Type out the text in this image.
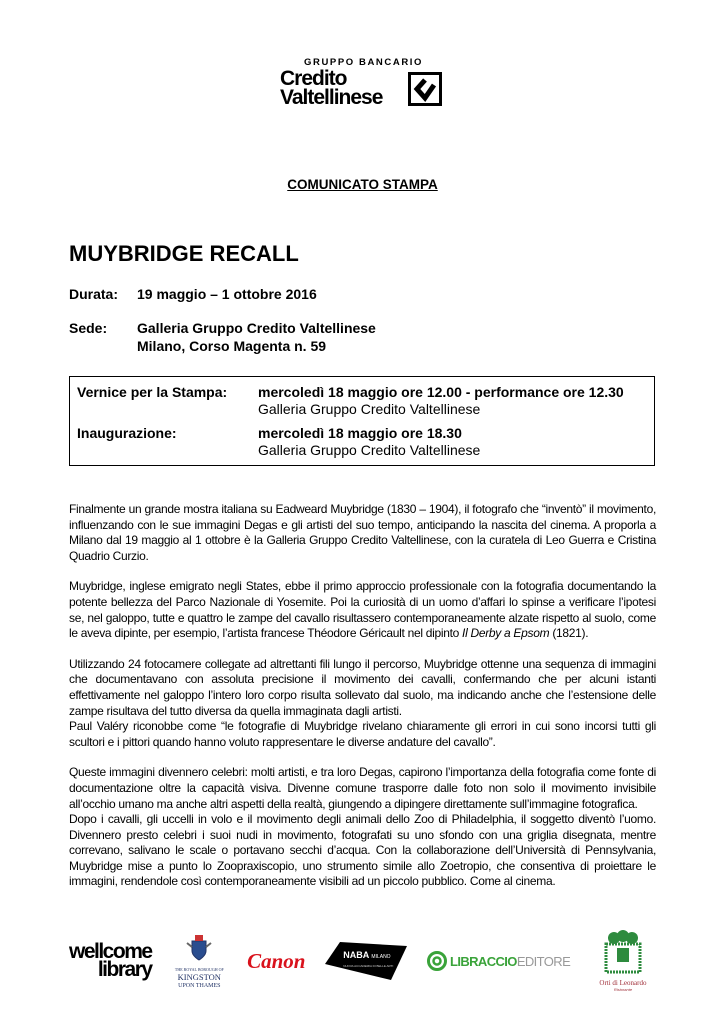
GRUPPO BANCARIO
Credito
Valtellinese
COMUNICATO STAMPA
MUYBRIDGE RECALL
Durata: 19 maggio – 1 ottobre 2016
Sede: Galleria Gruppo Credito Valtellinese
Milano, Corso Magenta n. 59
Vernice per la Stampa:	mercoledì 18 maggio ore 12.00 - performance ore 12.30
Galleria Gruppo Credito Valtellinese
Inaugurazione:	mercoledì 18 maggio ore 18.30
Galleria Gruppo Credito Valtellinese
Finalmente un grande mostra italiana su Eadweard Muybridge (1830 – 1904), il fotografo che “inventò” il movimento, influenzando con le sue immagini Degas e gli artisti del suo tempo, anticipando la nascita del cinema. A proporla a Milano dal 19 maggio al 1 ottobre è la Galleria Gruppo Credito Valtellinese, con la curatela di Leo Guerra e Cristina Quadrio Curzio.
Muybridge, inglese emigrato negli States, ebbe il primo approccio professionale con la fotografia documentando la potente bellezza del Parco Nazionale di Yosemite. Poi la curiosità di un uomo d’affari lo spinse a verificare l’ipotesi se, nel galoppo, tutte e quattro le zampe del cavallo risultassero contemporaneamente alzate rispetto al suolo, come le aveva dipinte, per esempio, l’artista francese Théodore Géricault nel dipinto Il Derby a Epsom (1821).
Utilizzando 24 fotocamere collegate ad altrettanti fili lungo il percorso, Muybridge ottenne una sequenza di immagini che documentavano con assoluta precisione il movimento dei cavalli, confermando che per alcuni istanti effettivamente nel galoppo l’intero loro corpo risulta sollevato dal suolo, ma indicando anche che l’estensione delle zampe risultava del tutto diversa da quella immaginata dagli artisti.
Paul Valéry riconobbe come “le fotografie di Muybridge rivelano chiaramente gli errori in cui sono incorsi tutti gli scultori e i pittori quando hanno voluto rappresentare le diverse andature del cavallo”.
Queste immagini divennero celebri: molti artisti, e tra loro Degas, capirono l’importanza della fotografia come fonte di documentazione oltre la capacità visiva. Divenne comune trasporre dalle foto non solo il movimento invisibile all’occhio umano ma anche altri aspetti della realtà, giungendo a dipingere direttamente sull’immagine fotografica.
Dopo i cavalli, gli uccelli in volo e il movimento degli animali dello Zoo di Philadelphia, il soggetto diventò l’uomo. Divennero presto celebri i suoi nudi in movimento, fotografati su uno sfondo con una griglia disegnata, mentre correvano, salivano le scale o portavano secchi d’acqua. Con la collaborazione dell’Università di Pennsylvania, Muybridge mise a punto lo Zoopraxiscopio, uno strumento simile allo Zoetropio, che consentiva di proiettare le immagini, rendendole così contemporaneamente visibili ad un piccolo pubblico. Come al cinema.
wellcome
library	THE ROYAL BOROUGH OF
KINGSTON
UPON THAMES
Canon	NABA MILANO
NUOVA ACCADEMIA DI BELLE ARTI	LIBRACCIO EDITORE
Orti di Leonardo
Ristorante
